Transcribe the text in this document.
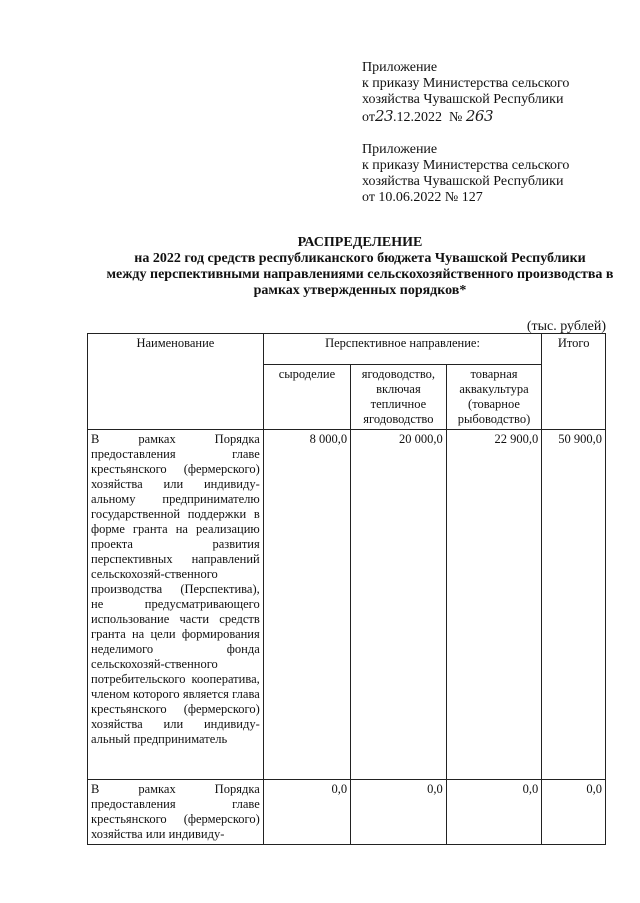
Приложение
к приказу Министерства сельского
хозяйства Чувашской Республики
от23.12.2022 № 263
Приложение
к приказу Министерства сельского
хозяйства Чувашской Республики
от 10.06.2022 № 127
РАСПРЕДЕЛЕНИЕ
на 2022 год средств республиканского бюджета Чувашской Республики
между перспективными направлениями сельскохозяйственного производства в
рамках утвержденных порядков*
(тыс. рублей)
Наименование	Перспективное направление:			Итого
	сыроделие	ягодоводство, включая тепличное ягодоводство	товарная аквакультура (товарное рыбоводство)	
В рамках Порядка предоставления главе крестьянского (фермерского) хозяйства или индивиду-альному предпринимателю государственной поддержки в форме гранта на реализацию проекта развития перспективных направлений сельскохозяй-ственного производства (Перспектива), не предусматривающего использование части средств гранта на цели формирования неделимого фонда сельскохозяй-ственного потребительского кооператива, членом которого является глава крестьянского (фермерского) хозяйства или индивиду-альный предприниматель	8 000,0	20 000,0	22 900,0	50 900,0
В рамках Порядка предоставления главе крестьянского (фермерского) хозяйства или индивиду-	0,0	0,0	0,0	0,0
